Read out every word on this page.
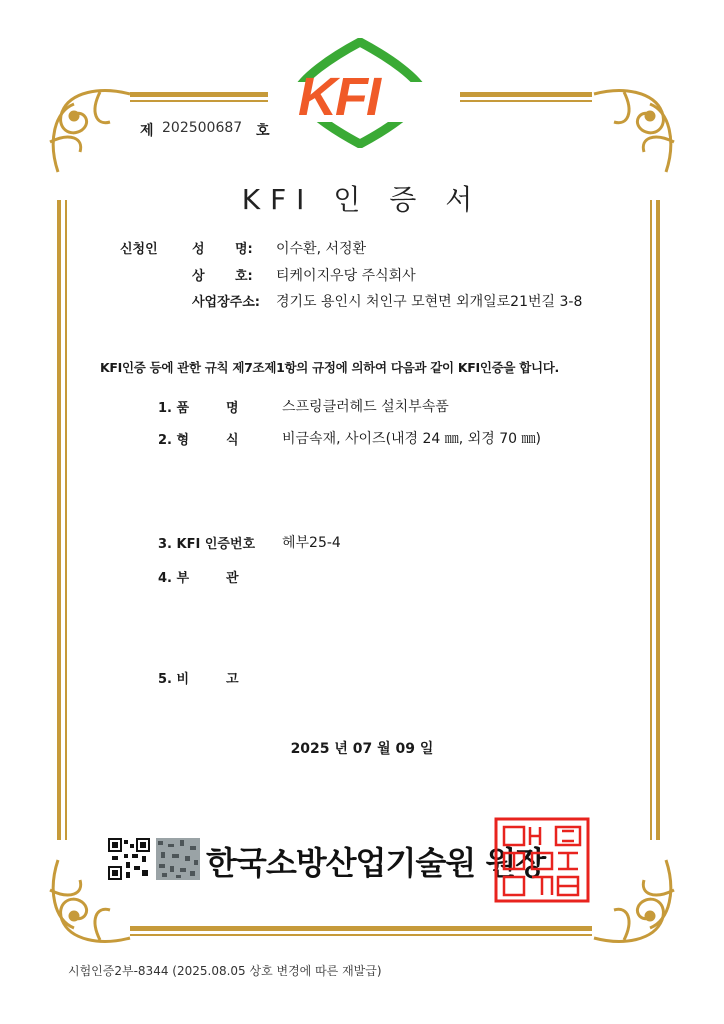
KFI
제 202500687 호
KFI 인 증 서
신청인	성 명: 이수환, 서정환
상 호: 티케이지우당 주식회사
사업장주소: 경기도 용인시 처인구 모현면 외개일로21번길 3-8
KFI인증 등에 관한 규칙 제7조제1항의 규정에 의하여 다음과 같이 KFI인증을 합니다.
1. 품	명	스프링클러헤드 설치부속품
2. 형	식	비금속재, 사이즈(내경 24 ㎜, 외경 70 ㎜)
3. KFI 인증번호 헤부25-4
4. 부	관
5. 비	고
2025 년 07 월 09 일
한국소방산업기술원 원장
시험인증2부-8344 (2025.08.05 상호 변경에 따른 재발급)
